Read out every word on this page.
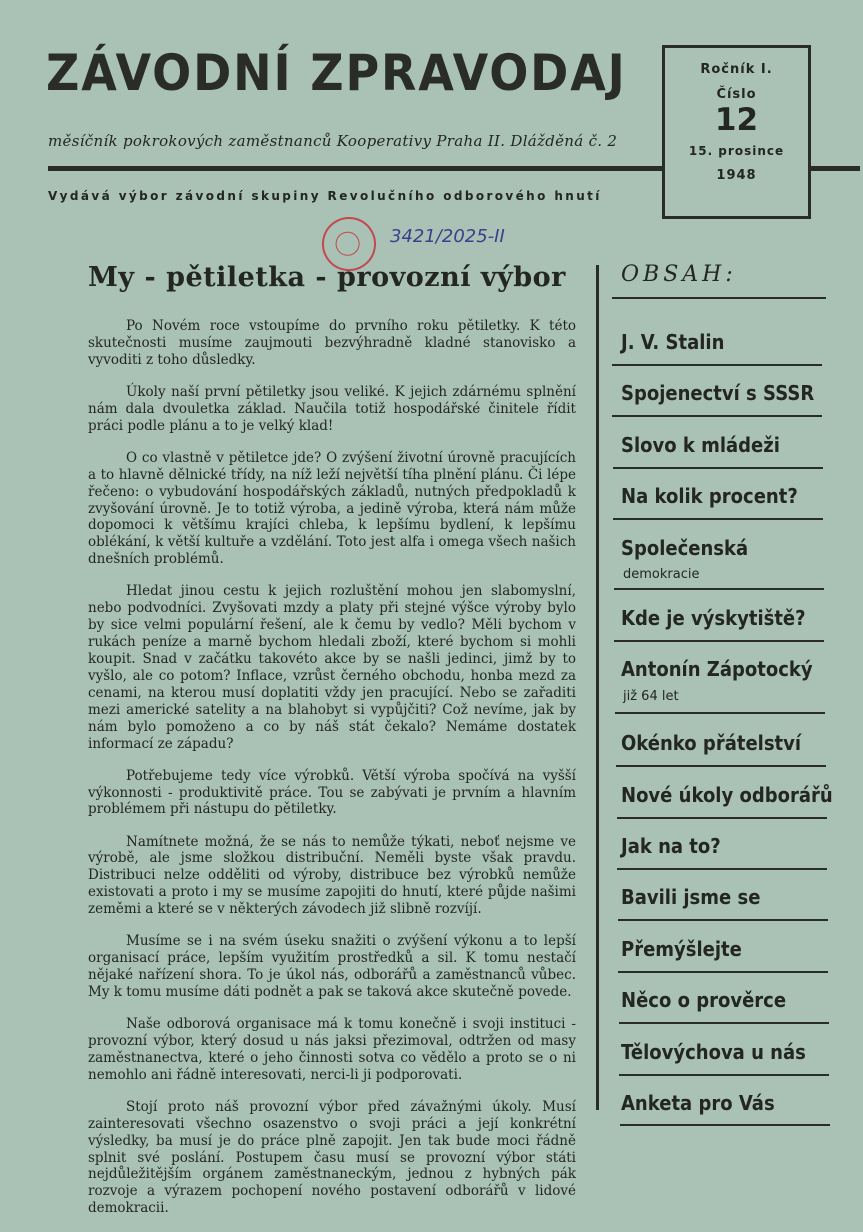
ZÁVODNÍ ZPRAVODAJ
měsíčník pokrokových zaměstnanců Kooperativy Praha II. Dlážděná č. 2
Vydává výbor závodní skupiny Revolučního odborového hnutí
Ročník I.
Číslo
12
15. prosince
1948
3421/2025-II
My - pětiletka - provozní výbor

Po Novém roce vstoupíme do prvního roku pětiletky. K této skutečnosti musíme zaujmouti bezvýhradně kladné stanovisko a vyvoditi z toho důsledky.

Úkoly naší první pětiletky jsou veliké. K jejich zdárnému splnění nám dala dvouletka základ. Naučila totiž hospodářské činitele řídit práci podle plánu a to je velký klad!

O co vlastně v pětiletce jde? O zvýšení životní úrovně pracujících a to hlavně dělnické třídy, na níž leží největší tíha plnění plánu. Či lépe řečeno: o vybudování hospodářských základů, nutných předpokladů k zvyšování úrovně. Je to totiž výroba, a jedině výroba, která nám může dopomoci k většímu krajíci chleba, k lepšímu bydlení, k lepšímu oblékání, k větší kultuře a vzdělání. Toto jest alfa i omega všech našich dnešních problémů.

Hledat jinou cestu k jejich rozluštění mohou jen slabomyslní, nebo podvodníci. Zvyšovati mzdy a platy při stejné výšce výroby bylo by sice velmi populární řešení, ale k čemu by vedlo? Měli bychom v rukách peníze a marně bychom hledali zboží, které bychom si mohli koupit. Snad v začátku takovéto akce by se našli jedinci, jimž by to vyšlo, ale co potom? Inflace, vzrůst černého obchodu, honba mezd za cenami, na kterou musí doplatiti vždy jen pracující. Nebo se zařaditi mezi americké satelity a na blahobyt si vypůjčiti? Což nevíme, jak by nám bylo pomoženo a co by náš stát čekalo? Nemáme dostatek informací ze západu?

Potřebujeme tedy více výrobků. Větší výroba spočívá na vyšší výkonnosti - produktivitě práce. Tou se zabývati je prvním a hlavním problémem při nástupu do pětiletky.

Namítnete možná, že se nás to nemůže týkati, neboť nejsme ve výrobě, ale jsme složkou distribuční. Neměli byste však pravdu. Distribuci nelze odděliti od výroby, distribuce bez výrobků nemůže existovati a proto i my se musíme zapojiti do hnutí, které půjde našimi zeměmi a které se v některých závodech již slibně rozvíjí.

Musíme se i na svém úseku snažiti o zvýšení výkonu a to lepší organisací práce, lepším využitím prostředků a sil. K tomu nestačí nějaké nařízení shora. To je úkol nás, odborářů a zaměstnanců vůbec. My k tomu musíme dáti podnět a pak se taková akce skutečně povede.

Naše odborová organisace má k tomu konečně i svoji instituci - provozní výbor, který dosud u nás jaksi přezimoval, odtržen od masy zaměstnanectva, které o jeho činnosti sotva co vědělo a proto se o ni nemohlo ani řádně interesovati, nerci-li ji podporovati.

Stojí proto náš provozní výbor před závažnými úkoly. Musí zainteresovati všechno osazenstvo o svoji práci a její konkrétní výsledky, ba musí je do práce plně zapojit. Jen tak bude moci řádně splnit své poslání. Postupem času musí se provozní výbor státi nejdůležitějším orgánem zaměstnaneckým, jednou z hybných pák rozvoje a výrazem pochopení nového postavení odborářů v lidové demokracii.

OBSAH:
J. V. Stalin
Spojenectví s SSSR
Slovo k mládeži
Na kolik procent?
Společenská
demokracie
Kde je výskytiště?
Antonín Zápotocký
již 64 let
Okénko přátelství
Nové úkoly odborářů
Jak na to?
Bavili jsme se
Přemýšlejte
Něco o prověrce
Tělovýchova u nás
Anketa pro Vás
